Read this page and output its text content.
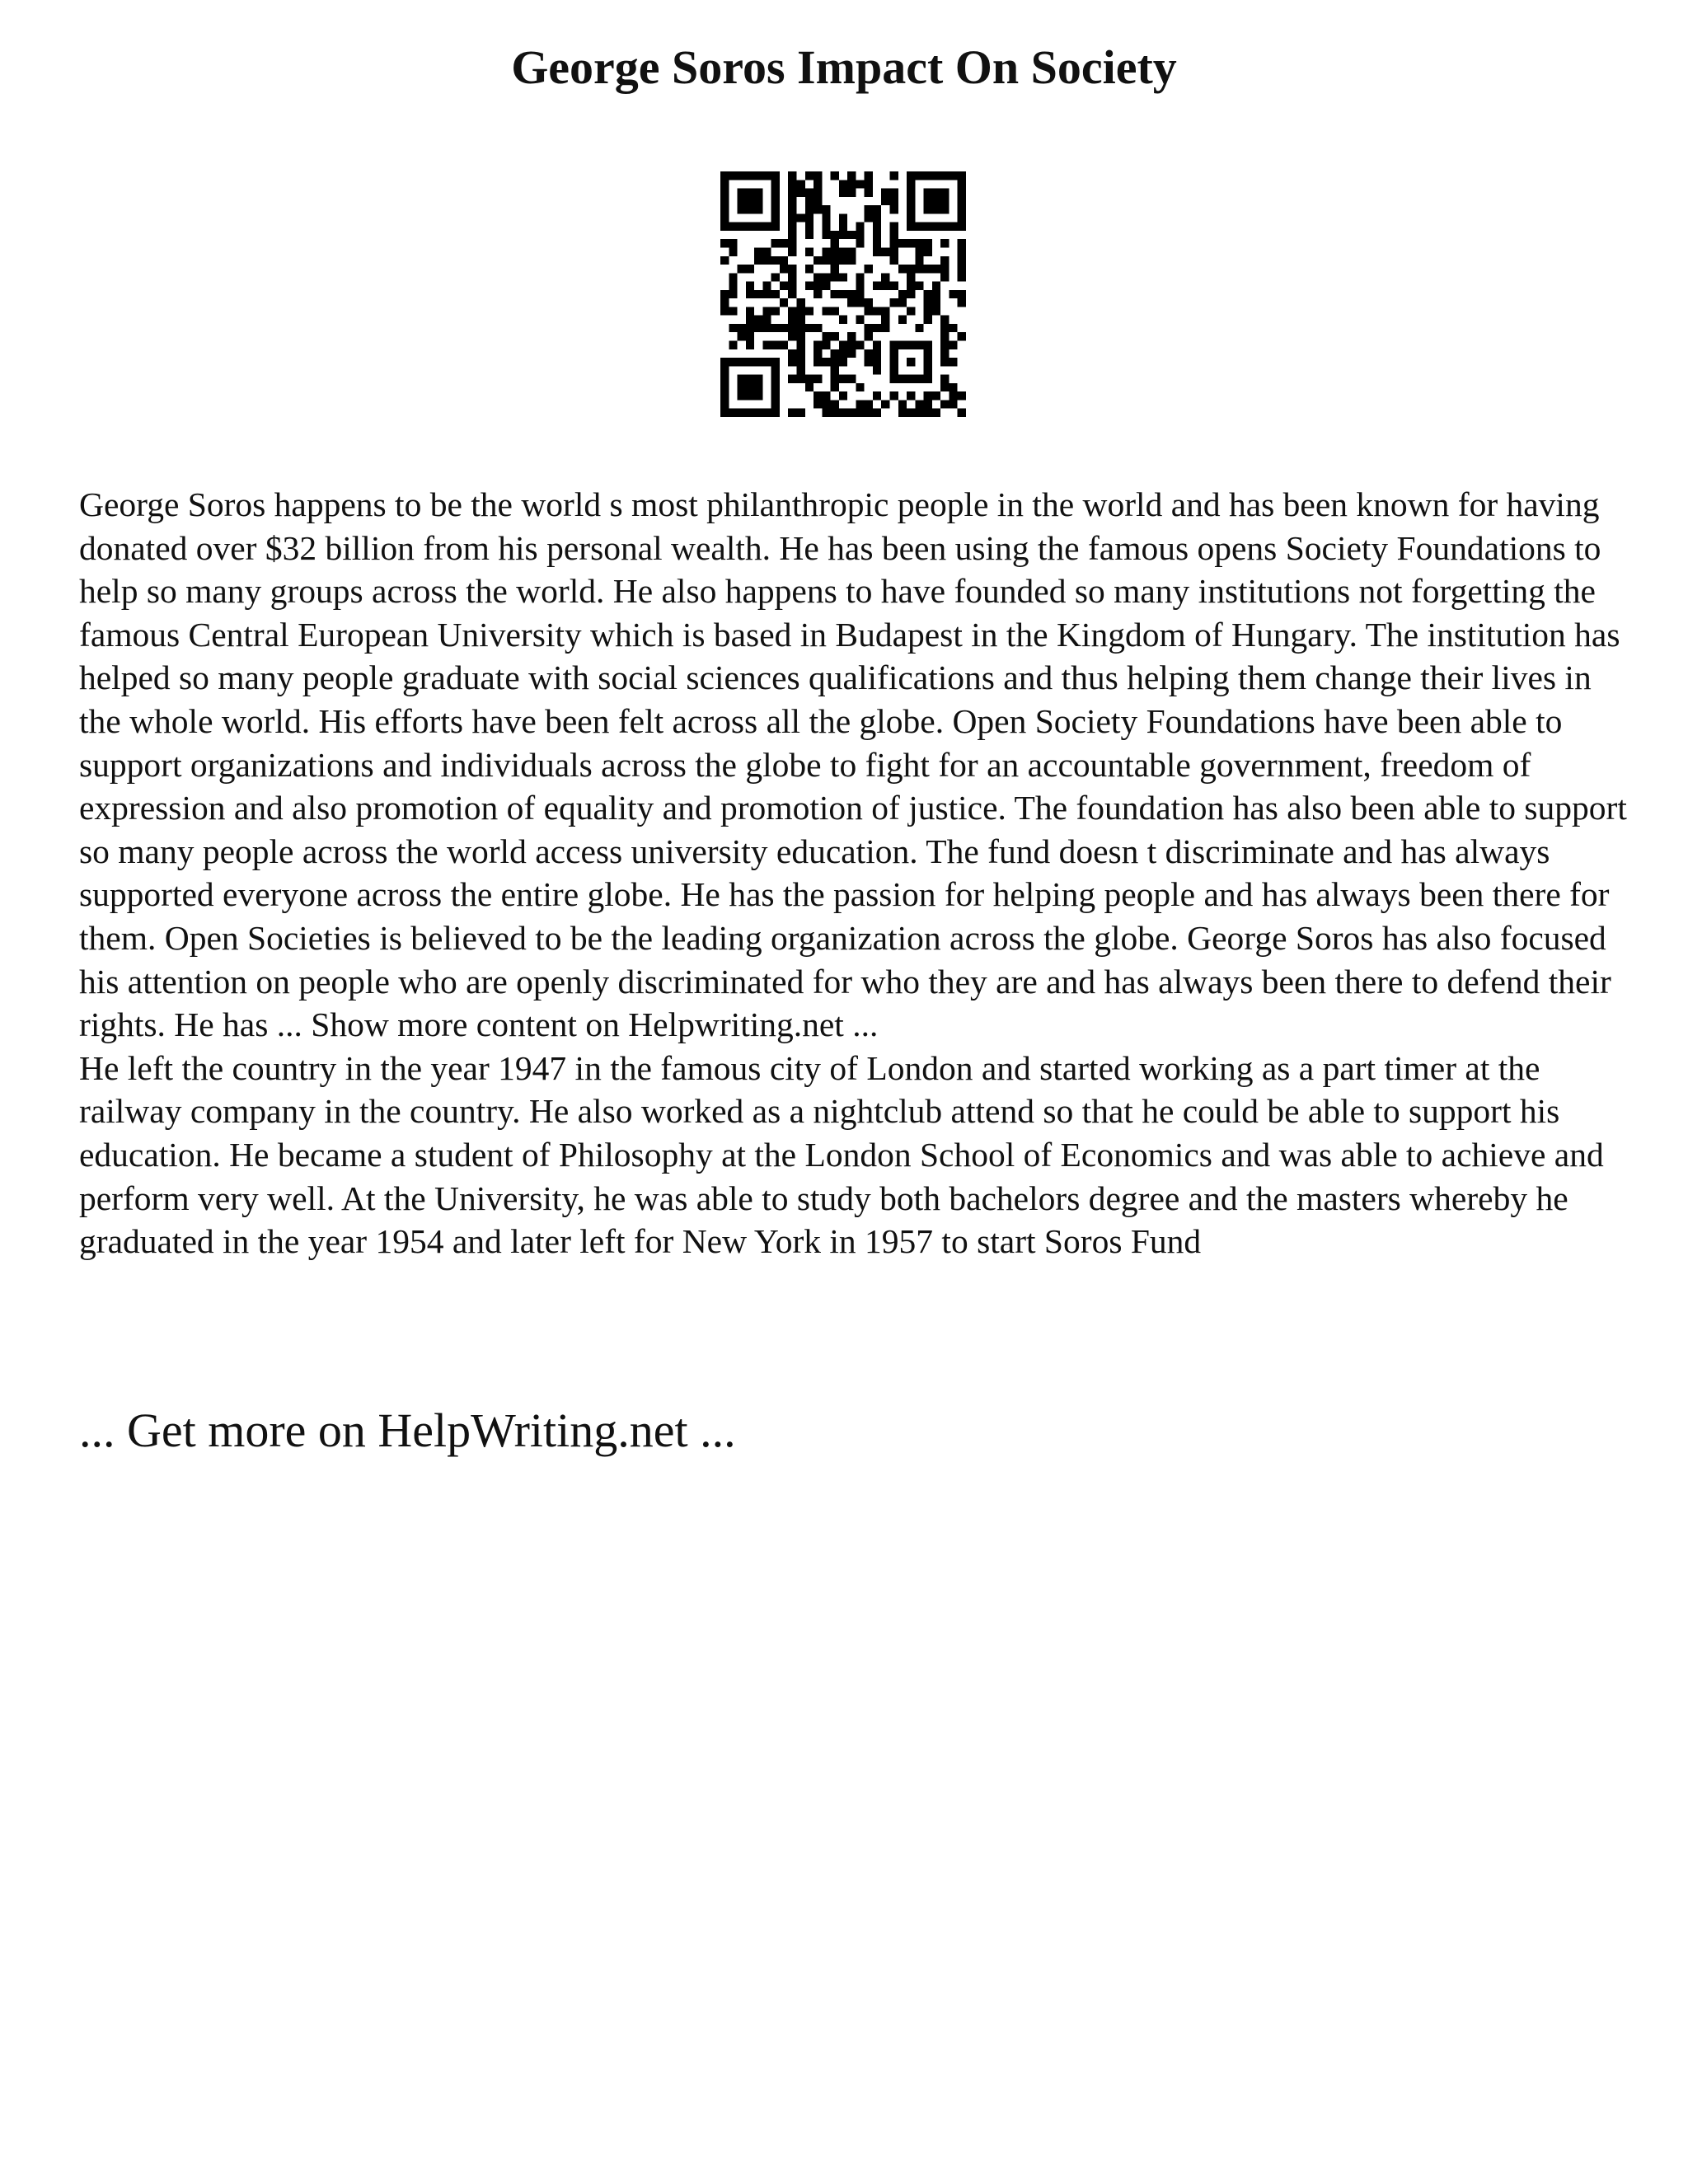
George Soros Impact On Society

George Soros happens to be the world s most philanthropic people in the world and has been known for having donated over $32 billion from his personal wealth. He has been using the famous opens Society Foundations to help so many groups across the world. He also happens to have founded so many institutions not forgetting the famous Central European University which is based in Budapest in the Kingdom of Hungary. The institution has helped so many people graduate with social sciences qualifications and thus helping them change their lives in the whole world. His efforts have been felt across all the globe. Open Society Foundations have been able to support organizations and individuals across the globe to fight for an accountable government, freedom of expression and also promotion of equality and promotion of justice. The foundation has also been able to support so many people across the world access university education. The fund doesn t discriminate and has always supported everyone across the entire globe. He has the passion for helping people and has always been there for them. Open Societies is believed to be the leading organization across the globe. George Soros has also focused his attention on people who are openly discriminated for who they are and has always been there to defend their rights. He has ... Show more content on Helpwriting.net ...

He left the country in the year 1947 in the famous city of London and started working as a part timer at the railway company in the country. He also worked as a nightclub attend so that he could be able to support his education. He became a student of Philosophy at the London School of Economics and was able to achieve and perform very well. At the University, he was able to study both bachelors degree and the masters whereby he graduated in the year 1954 and later left for New York in 1957 to start Soros Fund

... Get more on HelpWriting.net ...
